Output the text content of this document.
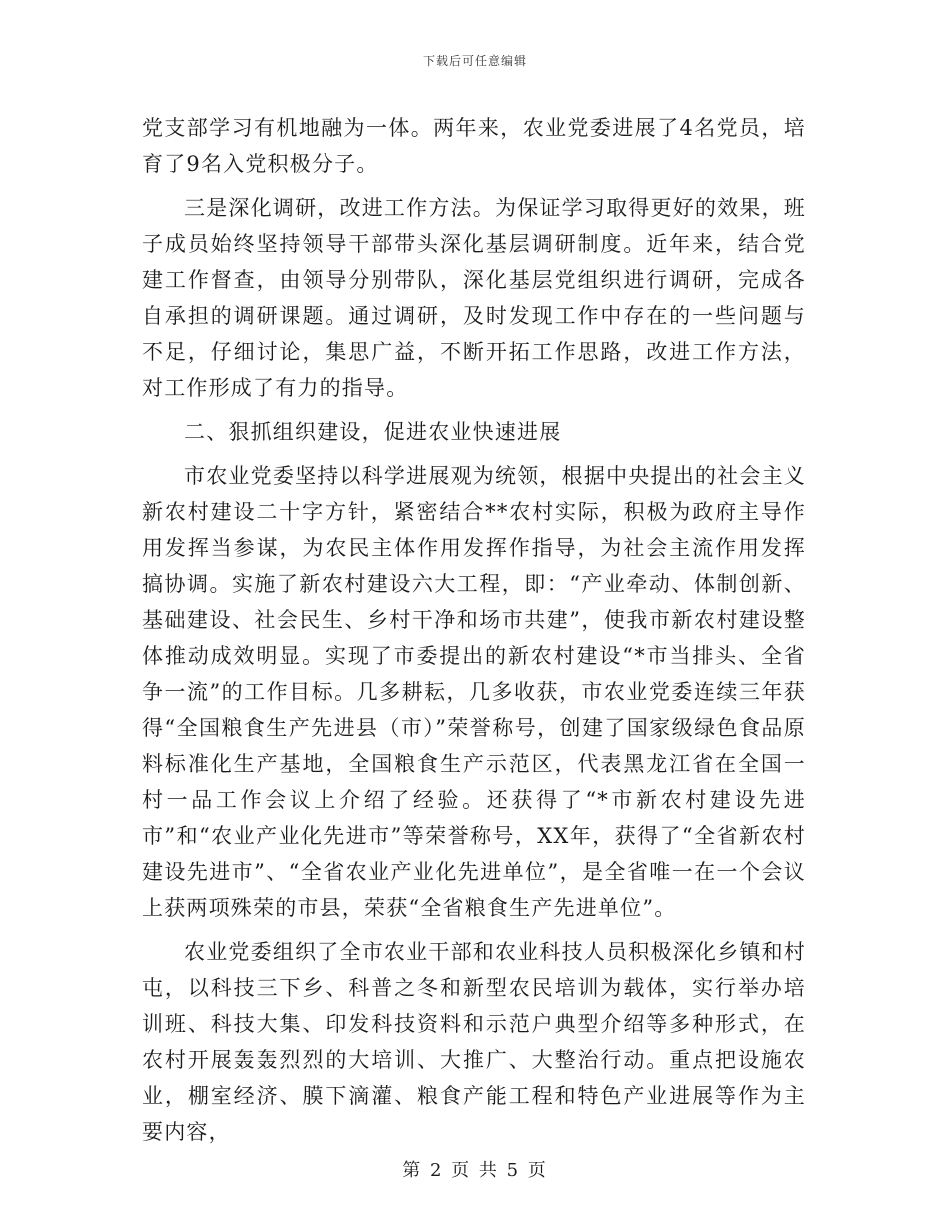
下载后可任意编辑

党支部学习有机地融为一体。两年来，农业党委进展了4名党员，培育了9名入党积极分子。

三是深化调研，改进工作方法。为保证学习取得更好的效果，班子成员始终坚持领导干部带头深化基层调研制度。近年来，结合党建工作督查，由领导分别带队，深化基层党组织进行调研，完成各自承担的调研课题。通过调研，及时发现工作中存在的一些问题与不足，仔细讨论，集思广益，不断开拓工作思路，改进工作方法，对工作形成了有力的指导。

二、狠抓组织建设，促进农业快速进展

市农业党委坚持以科学进展观为统领，根据中央提出的社会主义新农村建设二十字方针，紧密结合**农村实际，积极为政府主导作用发挥当参谋，为农民主体作用发挥作指导，为社会主流作用发挥搞协调。实施了新农村建设六大工程，即：“产业牵动、体制创新、基础建设、社会民生、乡村干净和场市共建”，使我市新农村建设整体推动成效明显。实现了市委提出的新农村建设“*市当排头、全省争一流”的工作目标。几多耕耘，几多收获，市农业党委连续三年获得“全国粮食生产先进县（市）”荣誉称号，创建了国家级绿色食品原料标准化生产基地，全国粮食生产示范区，代表黑龙江省在全国一村一品工作会议上介绍了经验。还获得了“*市新农村建设先进市”和“农业产业化先进市”等荣誉称号，XX年，获得了“全省新农村建设先进市”、“全省农业产业化先进单位”，是全省唯一在一个会议上获两项殊荣的市县，荣获“全省粮食生产先进单位”。

农业党委组织了全市农业干部和农业科技人员积极深化乡镇和村屯，以科技三下乡、科普之冬和新型农民培训为载体，实行举办培训班、科技大集、印发科技资料和示范户典型介绍等多种形式，在农村开展轰轰烈烈的大培训、大推广、大整治行动。重点把设施农业，棚室经济、膜下滴灌、粮食产能工程和特色产业进展等作为主要内容，

第 2 页 共 5 页
